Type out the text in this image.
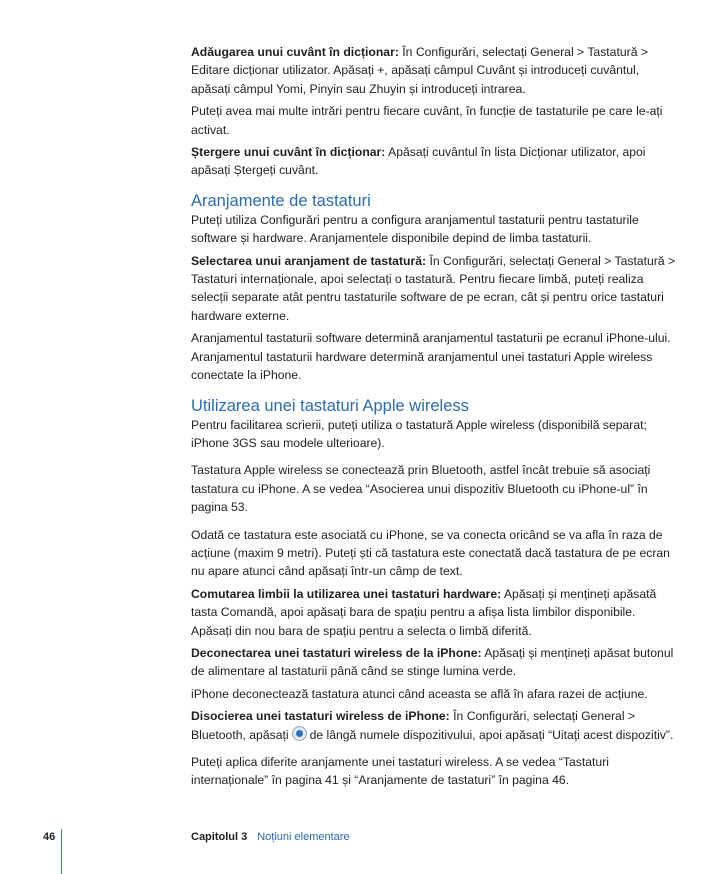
Adăugarea unui cuvânt în dicționar: În Configurări, selectați General > Tastatură > Editare dicționar utilizator. Apăsați +, apăsați câmpul Cuvânt și introduceți cuvântul, apăsați câmpul Yomi, Pinyin sau Zhuyin și introduceți intrarea.

Puteți avea mai multe intrări pentru fiecare cuvânt, în funcție de tastaturile pe care le-ați activat.

Ștergere unui cuvânt în dicționar: Apăsați cuvântul în lista Dicționar utilizator, apoi apăsați Ștergeți cuvânt.

Aranjamente de tastaturi

Puteți utiliza Configurări pentru a configura aranjamentul tastaturii pentru tastaturile software și hardware. Aranjamentele disponibile depind de limba tastaturii.

Selectarea unui aranjament de tastatură: În Configurări, selectați General > Tastatură > Tastaturi internaționale, apoi selectați o tastatură. Pentru fiecare limbă, puteți realiza selecții separate atât pentru tastaturile software de pe ecran, cât și pentru orice tastaturi hardware externe.

Aranjamentul tastaturii software determină aranjamentul tastaturii pe ecranul iPhone-ului. Aranjamentul tastaturii hardware determină aranjamentul unei tastaturi Apple wireless conectate la iPhone.

Utilizarea unei tastaturi Apple wireless

Pentru facilitarea scrierii, puteți utiliza o tastatură Apple wireless (disponibilă separat; iPhone 3GS sau modele ulterioare).

Tastatura Apple wireless se conectează prin Bluetooth, astfel încât trebuie să asociați tastatura cu iPhone. A se vedea “Asocierea unui dispozitiv Bluetooth cu iPhone-ul” în pagina 53.

Odată ce tastatura este asociată cu iPhone, se va conecta oricând se va afla în raza de acțiune (maxim 9 metri). Puteți ști că tastatura este conectată dacă tastatura de pe ecran nu apare atunci când apăsați într-un câmp de text.

Comutarea limbii la utilizarea unei tastaturi hardware: Apăsați și mențineți apăsată tasta Comandă, apoi apăsați bara de spațiu pentru a afișa lista limbilor disponibile. Apăsați din nou bara de spațiu pentru a selecta o limbă diferită.

Deconectarea unei tastaturi wireless de la iPhone: Apăsați și mențineți apăsat butonul de alimentare al tastaturii până când se stinge lumina verde.

iPhone deconectează tastatura atunci când aceasta se află în afara razei de acțiune.

Disocierea unei tastaturi wireless de iPhone: În Configurări, selectați General > Bluetooth, apăsați de lângă numele dispozitivului, apoi apăsați “Uitați acest dispozitiv”.

Puteți aplica diferite aranjamente unei tastaturi wireless. A se vedea “Tastaturi internaționale” în pagina 41 și “Aranjamente de tastaturi” în pagina 46.

46	Capitolul 3 Noțiuni elementare
